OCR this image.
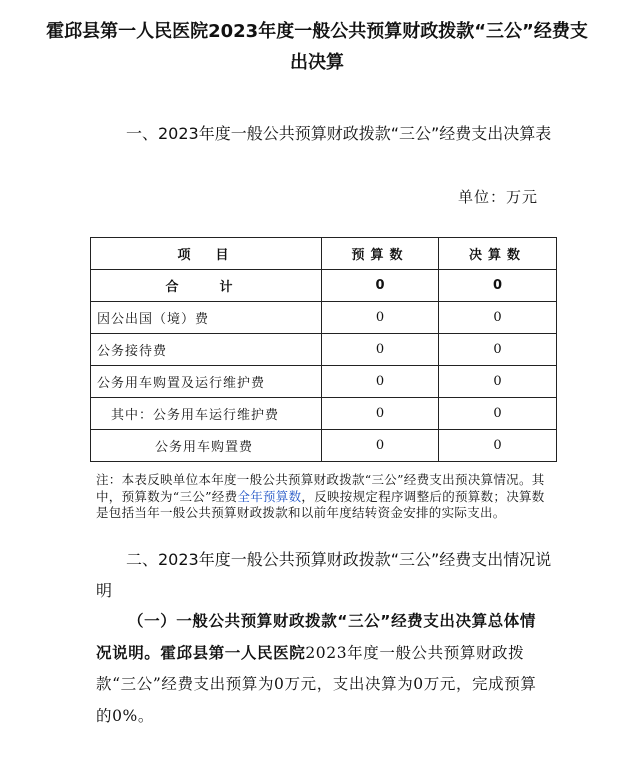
霍邱县第一人民医院2023年度一般公共预算财政拨款“三公”经费支出决算
一、2023年度一般公共预算财政拨款“三公”经费支出决算表
单位：万元
项　目	预算数	决算数
合　计	0	0
因公出国（境）费	0	0
公务接待费	0	0
公务用车购置及运行维护费	0	0
其中：公务用车运行维护费	0	0
公务用车购置费	0	0
注：本表反映单位本年度一般公共预算财政拨款“三公”经费支出预决算情况。其中，预算数为“三公”经费全年预算数，反映按规定程序调整后的预算数；决算数是包括当年一般公共预算财政拨款和以前年度结转资金安排的实际支出。
二、2023年度一般公共预算财政拨款“三公”经费支出情况说明
（一）一般公共预算财政拨款“三公”经费支出决算总体情况说明。霍邱县第一人民医院2023年度一般公共预算财政拨款“三公”经费支出预算为0万元，支出决算为0万元，完成预算的0%。
